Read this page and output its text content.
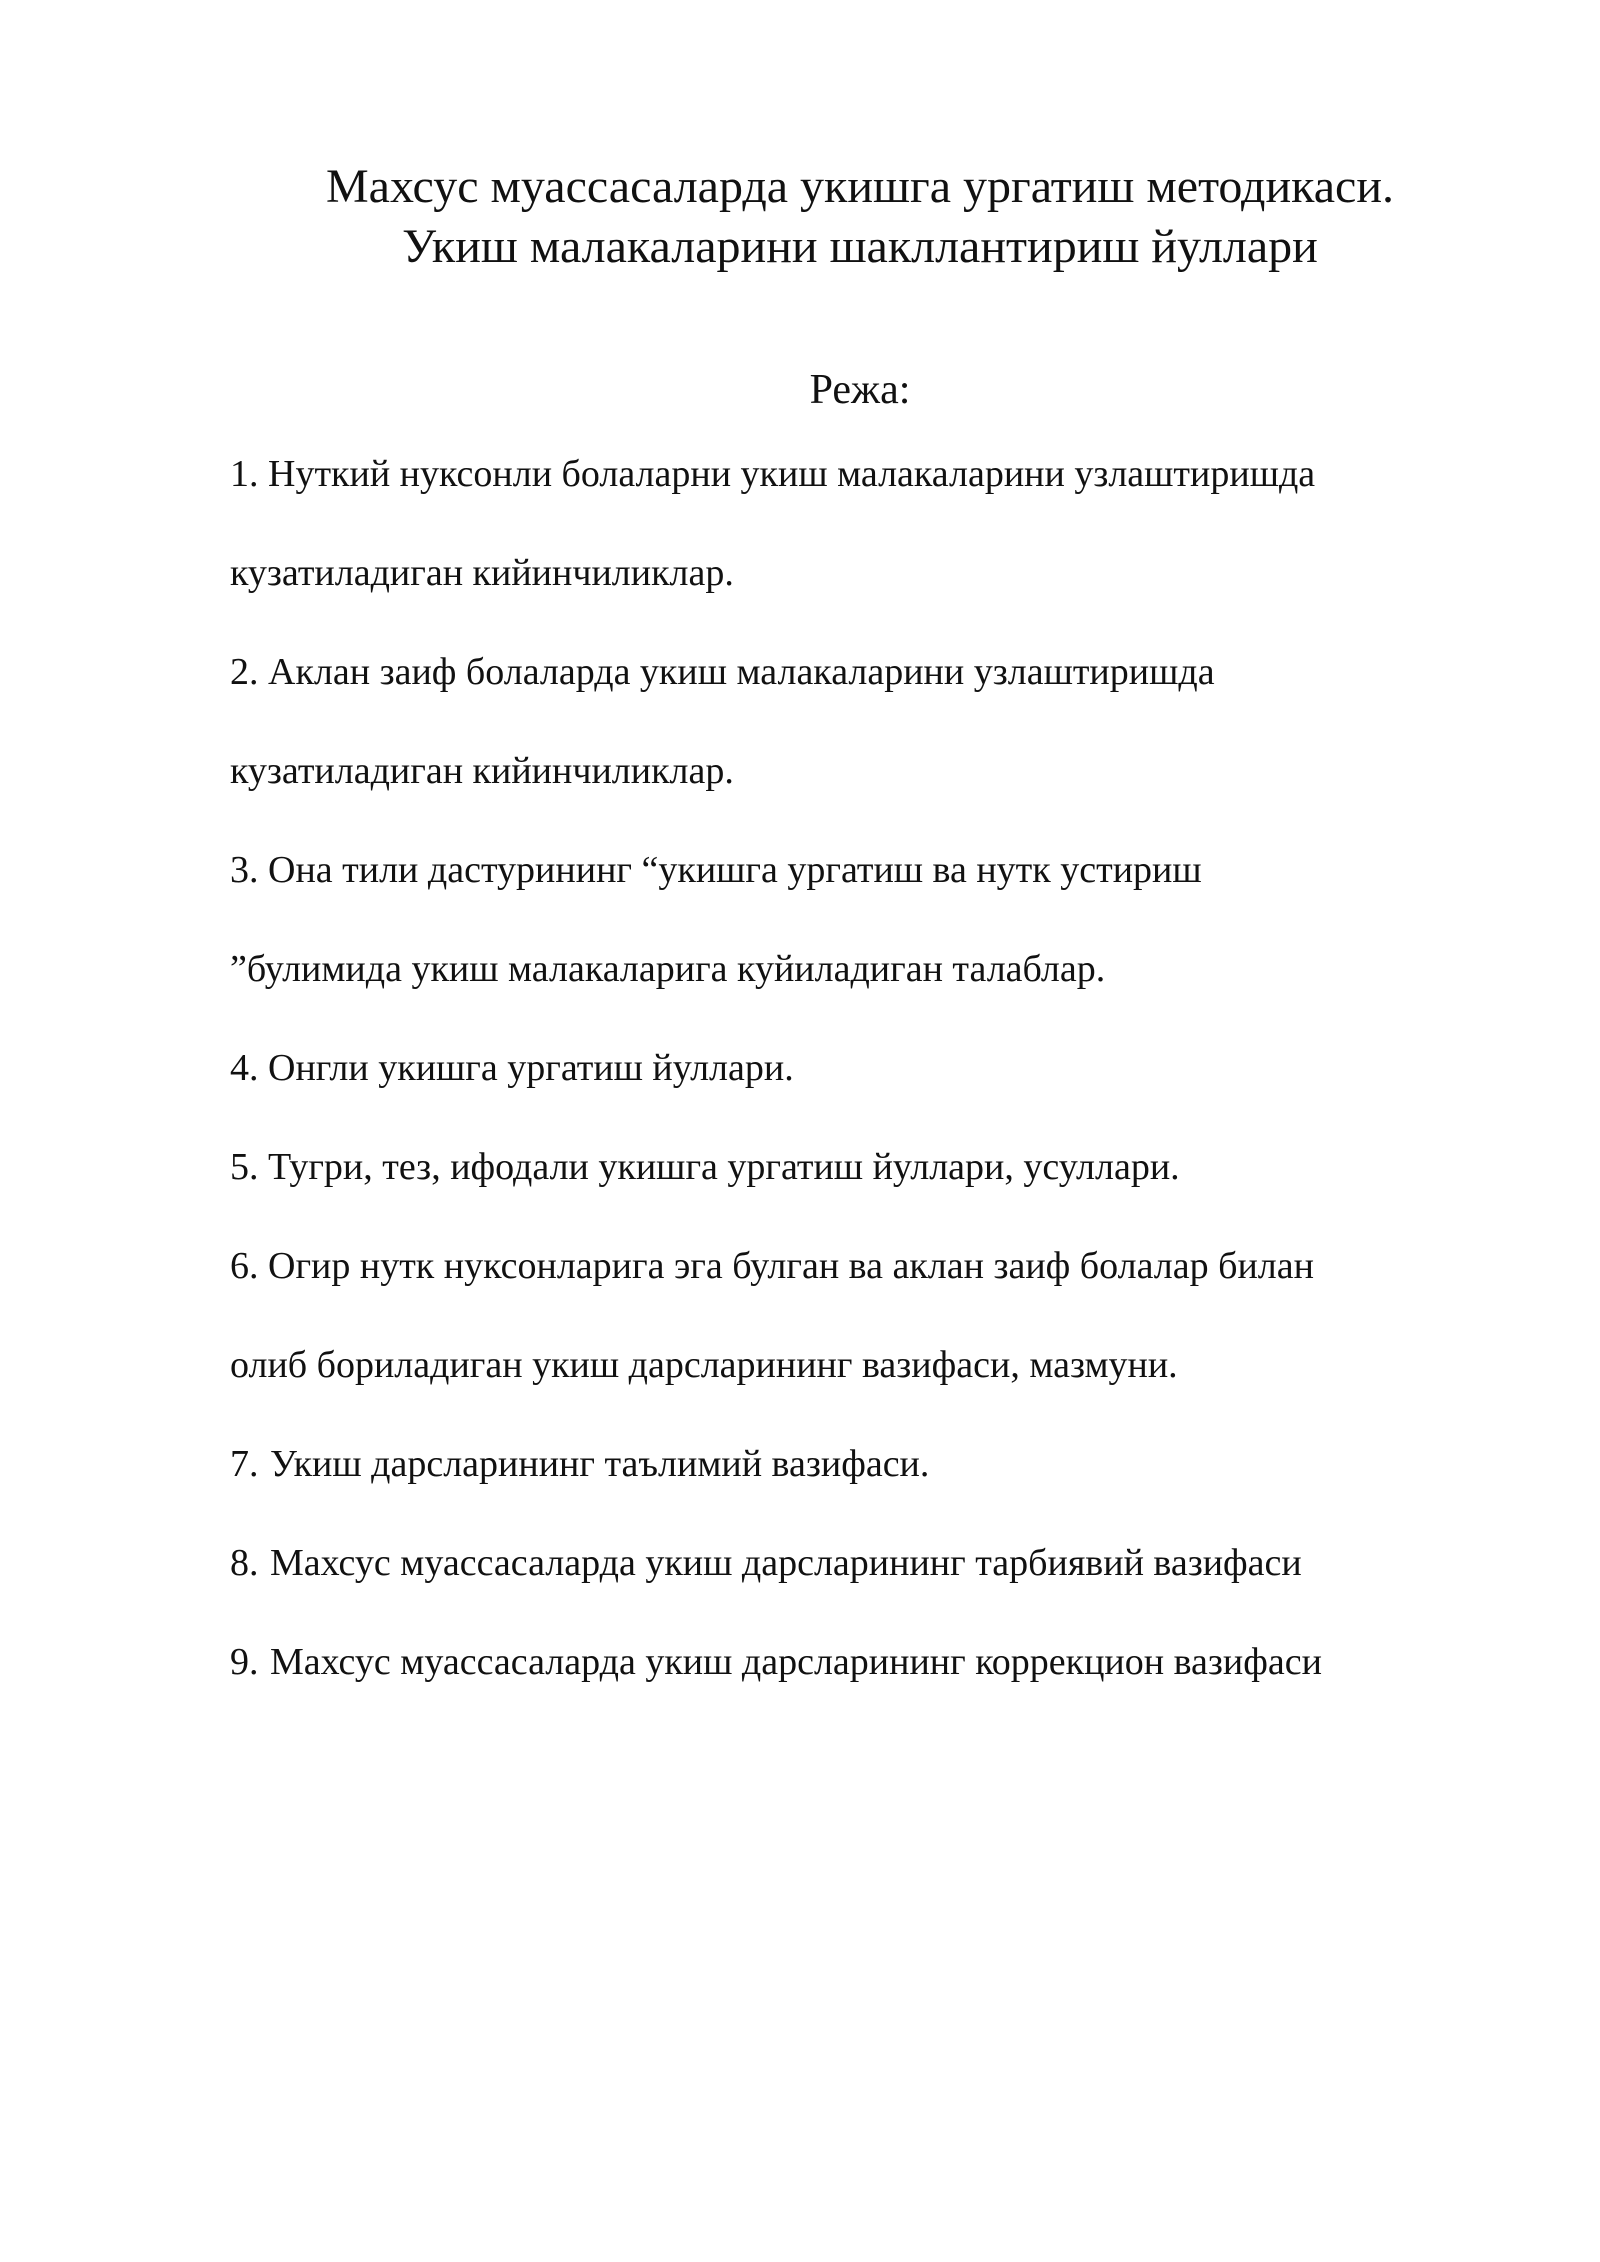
Махсус муассасаларда укишга ургатиш методикаси.
Укиш малакаларини шакллантириш йуллари
Режа:

1. Нуткий нуксонли болаларни укиш малакаларини узлаштиришда

кузатиладиган кийинчиликлар.

2. Аклан заиф болаларда укиш малакаларини узлаштиришда

кузатиладиган кийинчиликлар.

3. Она тили дастурининг “укишга ургатиш ва нутк устириш

”булимида укиш малакаларига куйиладиган талаблар.

4. Онгли укишга ургатиш йуллари.

5. Тугри, тез, ифодали укишга ургатиш йуллари, усуллари.

6. Огир нутк нуксонларига эга булган ва аклан заиф болалар билан

олиб бориладиган укиш дарсларининг вазифаси, мазмуни.

7. Укиш дарсларининг таълимий вазифаси.

8. Махсус муассасаларда укиш дарсларининг тарбиявий вазифаси

9. Махсус муассасаларда укиш дарсларининг коррекцион вазифаси
